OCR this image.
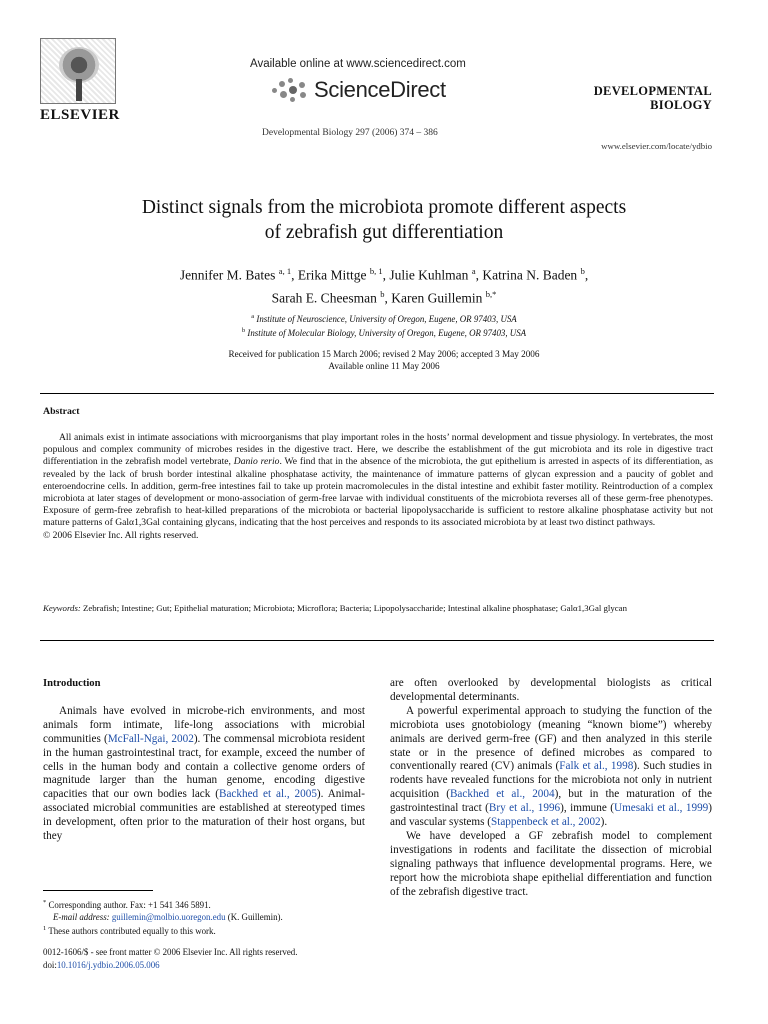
ELSEVIER
Available online at www.sciencedirect.com
ScienceDirect
Developmental Biology 297 (2006) 374 – 386
DEVELOPMENTAL
BIOLOGY
www.elsevier.com/locate/ydbio
Distinct signals from the microbiota promote different aspects
of zebrafish gut differentiation
Jennifer M. Bates $^{a, 1}$, Erika Mittge $^{b, 1}$, Julie Kuhlman $^a$, Katrina N. Baden $^b$,
Sarah E. Cheesman $^b$, Karen Guillemin $^{b,*}$
$^a$ Institute of Neuroscience, University of Oregon, Eugene, OR 97403, USA
$^b$ Institute of Molecular Biology, University of Oregon, Eugene, OR 97403, USA
Received for publication 15 March 2006; revised 2 May 2006; accepted 3 May 2006
Available online 11 May 2006
Abstract

All animals exist in intimate associations with microorganisms that play important roles in the hosts’ normal development and tissue physiology. In vertebrates, the most populous and complex community of microbes resides in the digestive tract. Here, we describe the establishment of the gut microbiota and its role in digestive tract differentiation in the zebrafish model vertebrate, Danio rerio. We find that in the absence of the microbiota, the gut epithelium is arrested in aspects of its differentiation, as revealed by the lack of brush border intestinal alkaline phosphatase activity, the maintenance of immature patterns of glycan expression and a paucity of goblet and enteroendocrine cells. In addition, germ-free intestines fail to take up protein macromolecules in the distal intestine and exhibit faster motility. Reintroduction of a complex microbiota at later stages of development or mono-association of germ-free larvae with individual constituents of the microbiota reverses all of these germ-free phenotypes. Exposure of germ-free zebrafish to heat-killed preparations of the microbiota or bacterial lipopolysaccharide is sufficient to restore alkaline phosphatase activity but not mature patterns of Galα1,3Gal containing glycans, indicating that the host perceives and responds to its associated microbiota by at least two distinct pathways.

© 2006 Elsevier Inc. All rights reserved.

Keywords: Zebrafish; Intestine; Gut; Epithelial maturation; Microbiota; Microflora; Bacteria; Lipopolysaccharide; Intestinal alkaline phosphatase; Galα1,3Gal glycan

Introduction

Animals have evolved in microbe-rich environments, and most animals form intimate, life-long associations with microbial communities (McFall-Ngai, 2002). The commensal microbiota resident in the human gastrointestinal tract, for example, exceed the number of cells in the human body and contain a collective genome orders of magnitude larger than the human genome, encoding digestive capacities that our own bodies lack (Backhed et al., 2005). Animal-associated microbial communities are established at stereotyped times in development, often prior to the maturation of their host organs, but they

are often overlooked by developmental biologists as critical developmental determinants.

A powerful experimental approach to studying the function of the microbiota uses gnotobiology (meaning “known biome”) whereby animals are derived germ-free (GF) and then analyzed in this sterile state or in the presence of defined microbes as compared to conventionally reared (CV) animals (Falk et al., 1998). Such studies in rodents have revealed functions for the microbiota not only in nutrient acquisition (Backhed et al., 2004), but in the maturation of the gastrointestinal tract (Bry et al., 1996), immune (Umesaki et al., 1999) and vascular systems (Stappenbeck et al., 2002).

We have developed a GF zebrafish model to complement investigations in rodents and facilitate the dissection of microbial signaling pathways that influence developmental programs. Here, we report how the microbiota shape epithelial differentiation and function of the zebrafish digestive tract.

* Corresponding author. Fax: +1 541 346 5891.
E-mail address: guillemin@molbio.uoregon.edu (K. Guillemin).
$^1$ These authors contributed equally to this work.
0012-1606/$ - see front matter © 2006 Elsevier Inc. All rights reserved.
doi:10.1016/j.ydbio.2006.05.006
